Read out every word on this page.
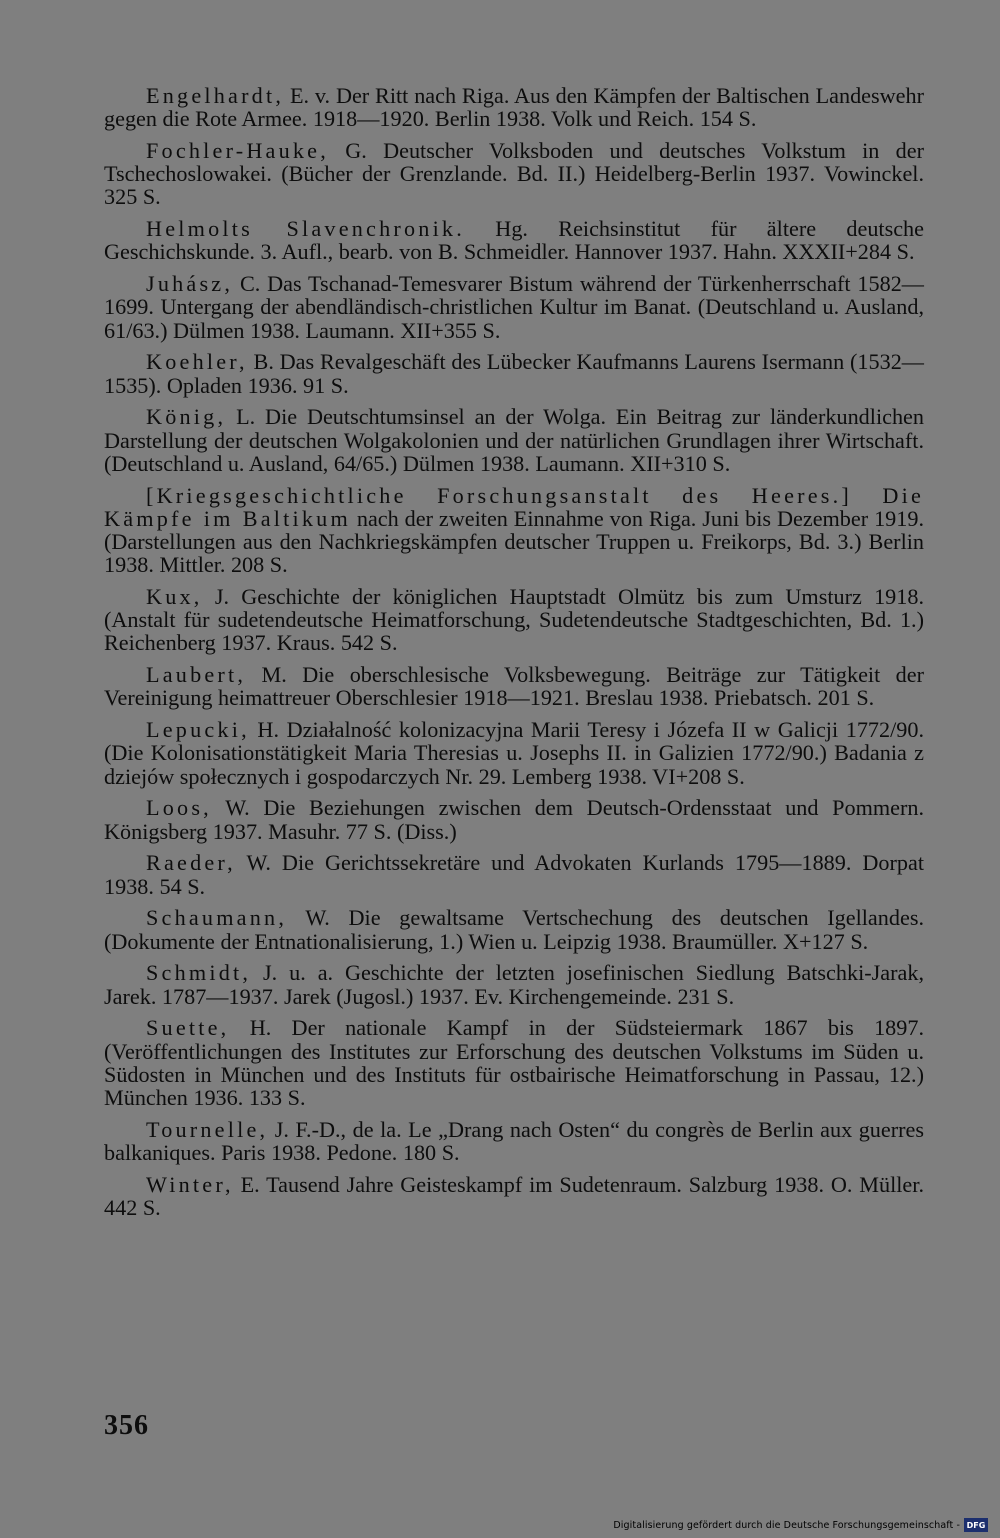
Engelhardt, E. v. Der Ritt nach Riga. Aus den Kämpfen der Baltischen Landeswehr gegen die Rote Armee. 1918—1920. Berlin 1938. Volk und Reich. 154 S.

Fochler-Hauke, G. Deutscher Volksboden und deutsches Volkstum in der Tschechoslowakei. (Bücher der Grenzlande. Bd. II.) Heidelberg-Berlin 1937. Vowinckel. 325 S.

Helmolts Slavenchronik. Hg. Reichsinstitut für ältere deutsche Geschichskunde. 3. Aufl., bearb. von B. Schmeidler. Hannover 1937. Hahn. XXXII+284 S.

Juhász, C. Das Tschanad-Temesvarer Bistum während der Türkenherrschaft 1582—1699. Untergang der abendländisch-christlichen Kultur im Banat. (Deutschland u. Ausland, 61/63.) Dülmen 1938. Laumann. XII+355 S.

Koehler, B. Das Revalgeschäft des Lübecker Kaufmanns Laurens Isermann (1532—1535). Opladen 1936. 91 S.

König, L. Die Deutschtumsinsel an der Wolga. Ein Beitrag zur länderkundlichen Darstellung der deutschen Wolgakolonien und der natürlichen Grundlagen ihrer Wirtschaft. (Deutschland u. Ausland, 64/65.) Dülmen 1938. Laumann. XII+310 S.

[Kriegsgeschichtliche Forschungsanstalt des Heeres.] Die Kämpfe im Baltikum nach der zweiten Einnahme von Riga. Juni bis Dezember 1919. (Darstellungen aus den Nachkriegskämpfen deutscher Truppen u. Freikorps, Bd. 3.) Berlin 1938. Mittler. 208 S.

Kux, J. Geschichte der königlichen Hauptstadt Olmütz bis zum Umsturz 1918. (Anstalt für sudetendeutsche Heimatforschung, Sudetendeutsche Stadtgeschichten, Bd. 1.) Reichenberg 1937. Kraus. 542 S.

Laubert, M. Die oberschlesische Volksbewegung. Beiträge zur Tätigkeit der Vereinigung heimattreuer Oberschlesier 1918—1921. Breslau 1938. Priebatsch. 201 S.

Lepucki, H. Działalność kolonizacyjna Marii Teresy i Józefa II w Galicji 1772/90. (Die Kolonisationstätigkeit Maria Theresias u. Josephs II. in Galizien 1772/90.) Badania z dziejów społecznych i gospodarczych Nr. 29. Lemberg 1938. VI+208 S.

Loos, W. Die Beziehungen zwischen dem Deutsch-Ordensstaat und Pommern. Königsberg 1937. Masuhr. 77 S. (Diss.)

Raeder, W. Die Gerichtssekretäre und Advokaten Kurlands 1795—1889. Dorpat 1938. 54 S.

Schaumann, W. Die gewaltsame Vertschechung des deutschen Igellandes. (Dokumente der Entnationalisierung, 1.) Wien u. Leipzig 1938. Braumüller. X+127 S.

Schmidt, J. u. a. Geschichte der letzten josefinischen Siedlung Batschki-Jarak, Jarek. 1787—1937. Jarek (Jugosl.) 1937. Ev. Kirchengemeinde. 231 S.

Suette, H. Der nationale Kampf in der Südsteiermark 1867 bis 1897. (Veröffentlichungen des Institutes zur Erforschung des deutschen Volkstums im Süden u. Südosten in München und des Instituts für ostbairische Heimatforschung in Passau, 12.) München 1936. 133 S.

Tournelle, J. F.-D., de la. Le „Drang nach Osten“ du congrès de Berlin aux guerres balkaniques. Paris 1938. Pedone. 180 S.

Winter, E. Tausend Jahre Geisteskampf im Sudetenraum. Salzburg 1938. O. Müller. 442 S.

356
Digitalisierung gefördert durch die Deutsche Forschungsgemeinschaft - DFG
